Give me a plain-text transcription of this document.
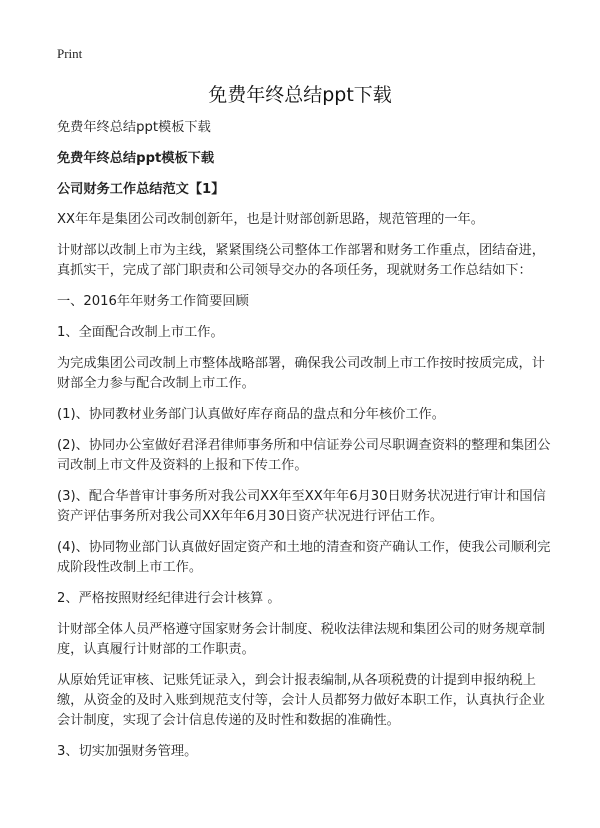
Print
免费年终总结ppt下载

免费年终总结ppt模板下载

免费年终总结ppt模板下载

公司财务工作总结范文【1】

XX年年是集团公司改制创新年，也是计财部创新思路，规范管理的一年。

计财部以改制上市为主线，紧紧围绕公司整体工作部署和财务工作重点，团结奋进，真抓实干，完成了部门职责和公司领导交办的各项任务，现就财务工作总结如下：

一、2016年年财务工作简要回顾

1、全面配合改制上市工作。

为完成集团公司改制上市整体战略部署，确保我公司改制上市工作按时按质完成，计财部全力参与配合改制上市工作。

(1)、协同教材业务部门认真做好库存商品的盘点和分年核价工作。

(2)、协同办公室做好君泽君律师事务所和中信证券公司尽职调查资料的整理和集团公司改制上市文件及资料的上报和下传工作。

(3)、配合华普审计事务所对我公司XX年至XX年年6月30日财务状况进行审计和国信资产评估事务所对我公司XX年年6月30日资产状况进行评估工作。

(4)、协同物业部门认真做好固定资产和土地的清查和资产确认工作，使我公司顺利完成阶段性改制上市工作。

2、严格按照财经纪律进行会计核算 。

计财部全体人员严格遵守国家财务会计制度、税收法律法规和集团公司的财务规章制度，认真履行计财部的工作职责。

从原始凭证审核、记账凭证录入，到会计报表编制,从各项税费的计提到申报纳税上缴，从资金的及时入账到规范支付等，会计人员都努力做好本职工作，认真执行企业会计制度，实现了会计信息传递的及时性和数据的准确性。

3、切实加强财务管理。
